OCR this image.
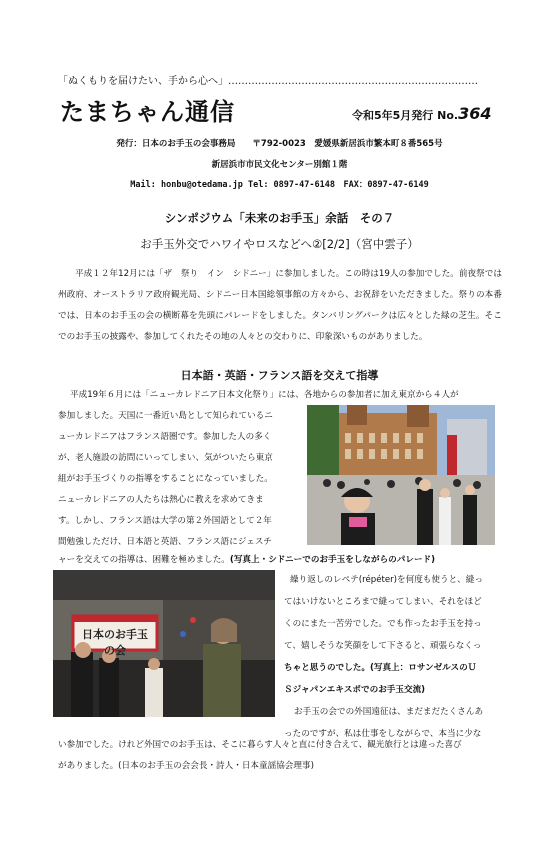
「ぬくもりを届けたい、手から心へ」…………………………………………………………………
たまちゃん通信	令和5年5月発行 No.364
発行：日本のお手玉の会事務局　　〒792-0023　愛媛県新居浜市繁本町８番565号
新居浜市市民文化センター別館１階
Mail: honbu@otedama.jp Tel: 0897-47-6148　FAX：0897-47-6149
シンポジウム「未来のお手玉」余話　その７
お手玉外交でハワイやロスなどへ②[2/2]（宮中雲子）
平成１２年12月には「ザ　祭り　イン　シドニー」に参加しました。この時は19人の参加でした。前夜祭では州政府、オーストラリア政府観光局、シドニー日本国総領事館の方々から、お祝辞をいただきました。祭りの本番では、日本のお手玉の会の横断幕を先頭にパレードをしました。タンバリングパークは広々とした緑の芝生。そこでのお手玉の披露や、参加してくれたその地の人々との交わりに、印象深いものがありました。
日本語・英語・フランス語を交えて指導
平成19年６月には「ニューカレドニア日本文化祭り」には、各地からの参加者に加え東京から４人が
参加しました。天国に一番近い島として知られているニ
ューカレドニアはフランス語圏です。参加した人の多く
が、老人施設の訪問にいってしまい、気がついたら東京
組がお手玉づくりの指導をすることになっていました。
ニューカレドニアの人たちは熱心に教えを求めてきま
す。しかし、フランス語は大学の第２外国語として２年
間勉強しただけ、日本語と英語、フランス語にジェスチ
ャーを交えての指導は、困難を極めました。(写真上・シドニーでのお手玉をしながらのパレード)
日本のお手玉の会
繰り返しのレペテ(répéter)を何度も使うと、縫っ
てはいけないところまで縫ってしまい、それをほど
くのにまた一苦労でした。でも作ったお手玉を持っ
て、嬉しそうな笑顔をして下さると、頑張らなくっ
ちゃと思うのでした。(写真上：ロサンゼルスのＵ
Ｓジャパンエキスポでのお手玉交流)
お手玉の会での外国遠征は、まだまだたくさんあ
ったのですが、私は仕事をしながらで、本当に少な
い参加でした。けれど外国でのお手玉は、そこに暮らす人々と直に付き合えて、観光旅行とは違った喜び
がありました。(日本のお手玉の会会長・詩人・日本童謡協会理事)
